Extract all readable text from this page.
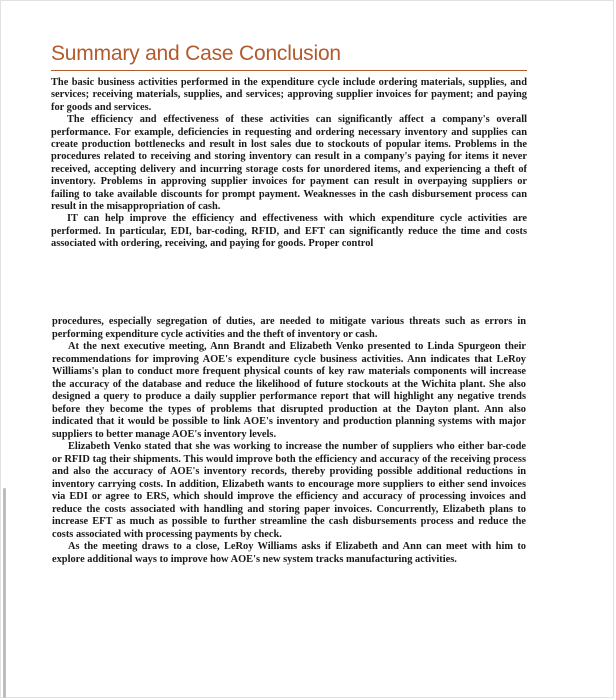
Summary and Case Conclusion

The basic business activities performed in the expenditure cycle include ordering materials, supplies, and services; receiving materials, supplies, and services; approving supplier invoices for payment; and paying for goods and services.

The efficiency and effectiveness of these activities can significantly affect a company's overall performance. For example, deficiencies in requesting and ordering necessary inventory and supplies can create production bottlenecks and result in lost sales due to stockouts of popular items. Problems in the procedures related to receiving and storing inventory can result in a company's paying for items it never received, accepting delivery and incurring storage costs for unordered items, and experiencing a theft of inventory. Problems in approving supplier invoices for payment can result in overpaying suppliers or failing to take available discounts for prompt payment. Weaknesses in the cash disbursement process can result in the misappropriation of cash.

IT can help improve the efficiency and effectiveness with which expenditure cycle activities are performed. In particular, EDI, bar-coding, RFID, and EFT can significantly reduce the time and costs associated with ordering, receiving, and paying for goods. Proper control

procedures, especially segregation of duties, are needed to mitigate various threats such as errors in performing expenditure cycle activities and the theft of inventory or cash.

At the next executive meeting, Ann Brandt and Elizabeth Venko presented to Linda Spurgeon their recommendations for improving AOE's expenditure cycle business activities. Ann indicates that LeRoy Williams's plan to conduct more frequent physical counts of key raw materials components will increase the accuracy of the database and reduce the likelihood of future stockouts at the Wichita plant. She also designed a query to produce a daily supplier performance report that will highlight any negative trends before they become the types of problems that disrupted production at the Dayton plant. Ann also indicated that it would be possible to link AOE's inventory and production planning systems with major suppliers to better manage AOE's inventory levels.

Elizabeth Venko stated that she was working to increase the number of suppliers who either bar-code or RFID tag their shipments. This would improve both the efficiency and accuracy of the receiving process and also the accuracy of AOE's inventory records, thereby providing possible additional reductions in inventory carrying costs. In addition, Elizabeth wants to encourage more suppliers to either send invoices via EDI or agree to ERS, which should improve the efficiency and accuracy of processing invoices and reduce the costs associated with handling and storing paper invoices. Concurrently, Elizabeth plans to increase EFT as much as possible to further streamline the cash disbursements process and reduce the costs associated with processing payments by check.

As the meeting draws to a close, LeRoy Williams asks if Elizabeth and Ann can meet with him to explore additional ways to improve how AOE's new system tracks manufacturing activities.
